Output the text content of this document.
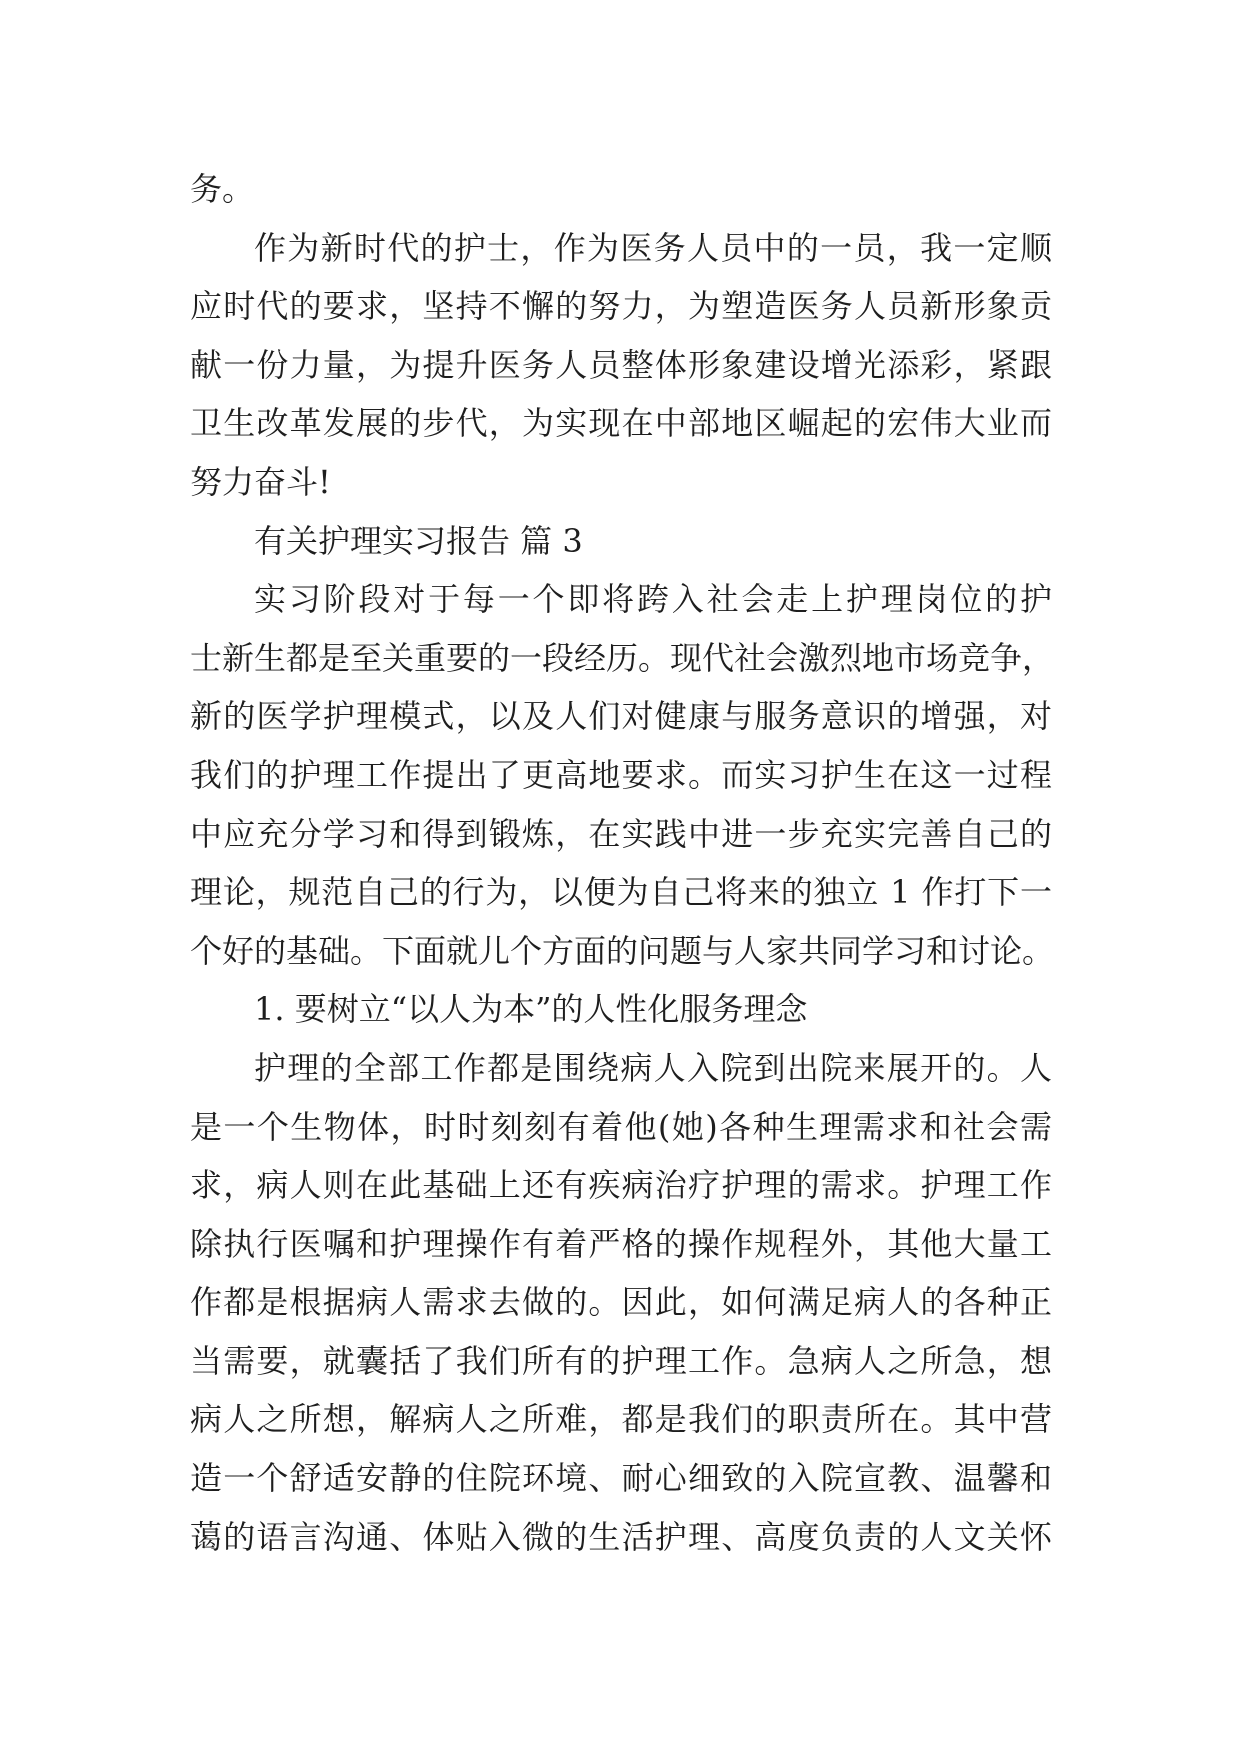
务。
作为新时代的护士，作为医务人员中的一员，我一定顺
应时代的要求，坚持不懈的努力，为塑造医务人员新形象贡
献一份力量，为提升医务人员整体形象建设增光添彩，紧跟
卫生改革发展的步代，为实现在中部地区崛起的宏伟大业而
努力奋斗!
有关护理实习报告 篇 3
实习阶段对于每一个即将跨入社会走上护理岗位的护
士新生都是至关重要的一段经历。现代社会激烈地市场竞争，
新的医学护理模式，以及人们对健康与服务意识的增强，对
我们的护理工作提出了更高地要求。而实习护生在这一过程
中应充分学习和得到锻炼，在实践中进一步充实完善自己的
理论，规范自己的行为，以便为自己将来的独立 1 作打下一
个好的基础。下面就儿个方面的问题与人家共同学习和讨论。
1. 要树立“以人为本”的人性化服务理念
护理的全部工作都是围绕病人入院到出院来展开的。人
是一个生物体，时时刻刻有着他(她)各种生理需求和社会需
求，病人则在此基础上还有疾病治疗护理的需求。护理工作
除执行医嘱和护理操作有着严格的操作规程外，其他大量工
作都是根据病人需求去做的。因此，如何满足病人的各种正
当需要，就囊括了我们所有的护理工作。急病人之所急，想
病人之所想，解病人之所难，都是我们的职责所在。其中营
造一个舒适安静的住院环境、耐心细致的入院宣教、温馨和
蔼的语言沟通、体贴入微的生活护理、高度负责的人文关怀
